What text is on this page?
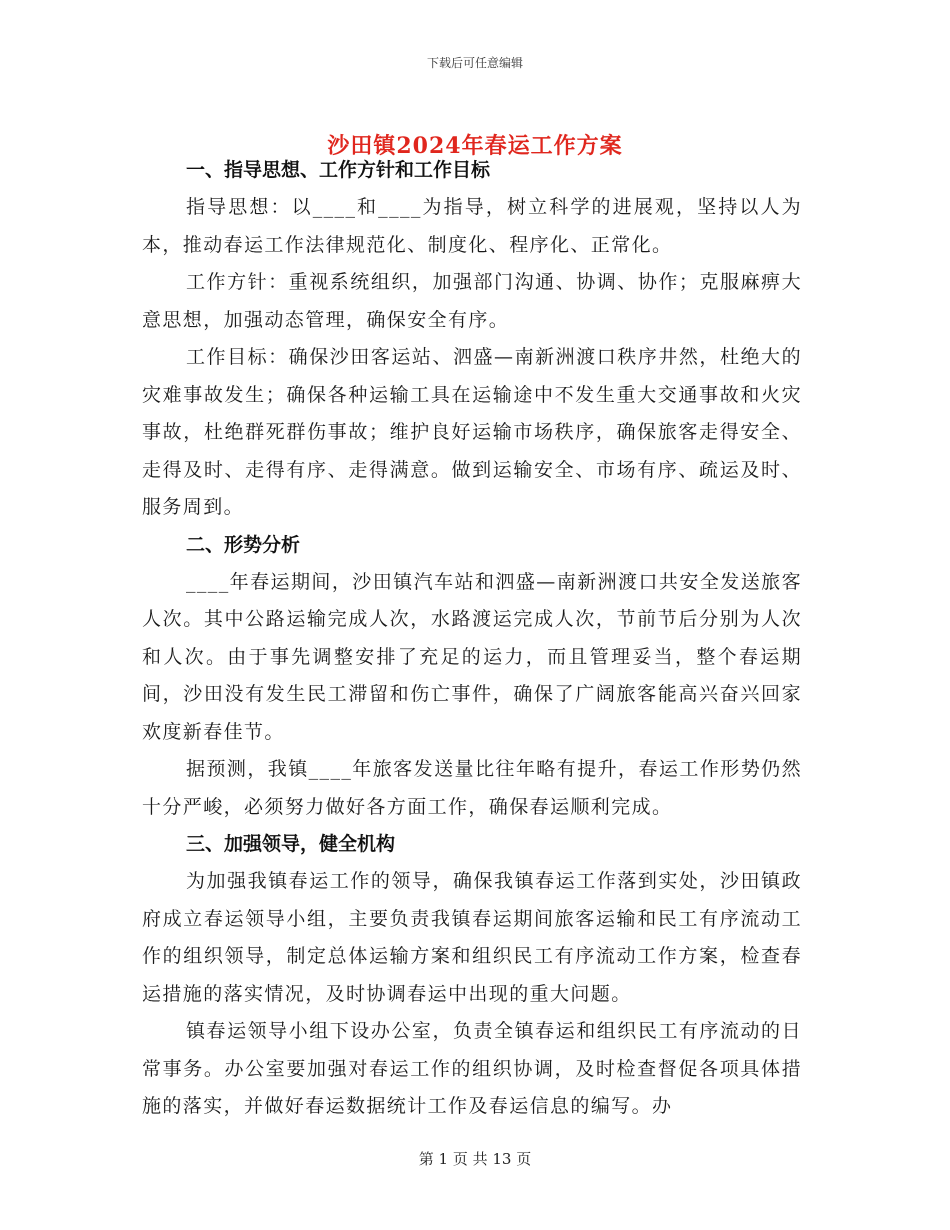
下载后可任意编辑
沙田镇2024年春运工作方案

一、指导思想、工作方针和工作目标

指导思想：以____和____为指导，树立科学的进展观，坚持以人为本，推动春运工作法律规范化、制度化、程序化、正常化。

工作方针：重视系统组织，加强部门沟通、协调、协作；克服麻痹大意思想，加强动态管理，确保安全有序。

工作目标：确保沙田客运站、泗盛—南新洲渡口秩序井然，杜绝大的灾难事故发生；确保各种运输工具在运输途中不发生重大交通事故和火灾事故，杜绝群死群伤事故；维护良好运输市场秩序，确保旅客走得安全、走得及时、走得有序、走得满意。做到运输安全、市场有序、疏运及时、服务周到。

二、形势分析

____年春运期间，沙田镇汽车站和泗盛—南新洲渡口共安全发送旅客人次。其中公路运输完成人次，水路渡运完成人次，节前节后分别为人次和人次。由于事先调整安排了充足的运力，而且管理妥当，整个春运期间，沙田没有发生民工滞留和伤亡事件，确保了广阔旅客能高兴奋兴回家欢度新春佳节。

据预测，我镇____年旅客发送量比往年略有提升，春运工作形势仍然十分严峻，必须努力做好各方面工作，确保春运顺利完成。

三、加强领导，健全机构

为加强我镇春运工作的领导，确保我镇春运工作落到实处，沙田镇政府成立春运领导小组，主要负责我镇春运期间旅客运输和民工有序流动工作的组织领导，制定总体运输方案和组织民工有序流动工作方案，检查春运措施的落实情况，及时协调春运中出现的重大问题。

镇春运领导小组下设办公室，负责全镇春运和组织民工有序流动的日常事务。办公室要加强对春运工作的组织协调，及时检查督促各项具体措施的落实，并做好春运数据统计工作及春运信息的编写。办

第 1 页 共 13 页
